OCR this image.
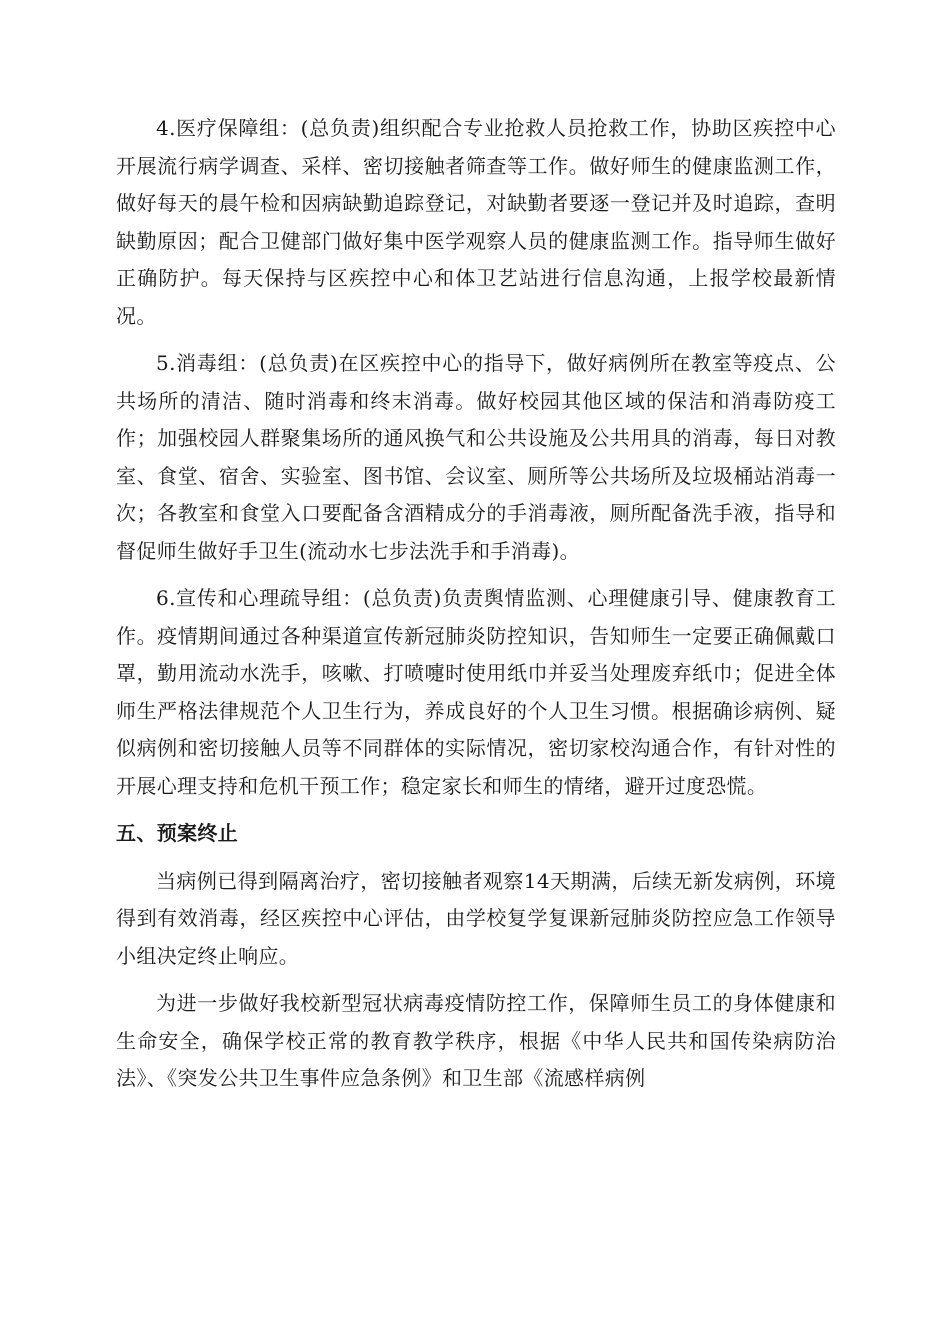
4.医疗保障组：(总负责)组织配合专业抢救人员抢救工作，协助区疾控中心开展流行病学调查、采样、密切接触者筛查等工作。做好师生的健康监测工作，做好每天的晨午检和因病缺勤追踪登记，对缺勤者要逐一登记并及时追踪，查明缺勤原因；配合卫健部门做好集中医学观察人员的健康监测工作。指导师生做好正确防护。每天保持与区疾控中心和体卫艺站进行信息沟通，上报学校最新情况。

5.消毒组：(总负责)在区疾控中心的指导下，做好病例所在教室等疫点、公共场所的清洁、随时消毒和终末消毒。做好校园其他区域的保洁和消毒防疫工作；加强校园人群聚集场所的通风换气和公共设施及公共用具的消毒，每日对教室、食堂、宿舍、实验室、图书馆、会议室、厕所等公共场所及垃圾桶站消毒一次；各教室和食堂入口要配备含酒精成分的手消毒液，厕所配备洗手液，指导和督促师生做好手卫生(流动水七步法洗手和手消毒)。

6.宣传和心理疏导组：(总负责)负责舆情监测、心理健康引导、健康教育工作。疫情期间通过各种渠道宣传新冠肺炎防控知识，告知师生一定要正确佩戴口罩，勤用流动水洗手，咳嗽、打喷嚏时使用纸巾并妥当处理废弃纸巾；促进全体师生严格法律规范个人卫生行为，养成良好的个人卫生习惯。根据确诊病例、疑似病例和密切接触人员等不同群体的实际情况，密切家校沟通合作，有针对性的开展心理支持和危机干预工作；稳定家长和师生的情绪，避开过度恐慌。

五、预案终止

当病例已得到隔离治疗，密切接触者观察14天期满，后续无新发病例，环境得到有效消毒，经区疾控中心评估，由学校复学复课新冠肺炎防控应急工作领导小组决定终止响应。

为进一步做好我校新型冠状病毒疫情防控工作，保障师生员工的身体健康和生命安全，确保学校正常的教育教学秩序，根据《中华人民共和国传染病防治法》、《突发公共卫生事件应急条例》和卫生部《流感样病例
